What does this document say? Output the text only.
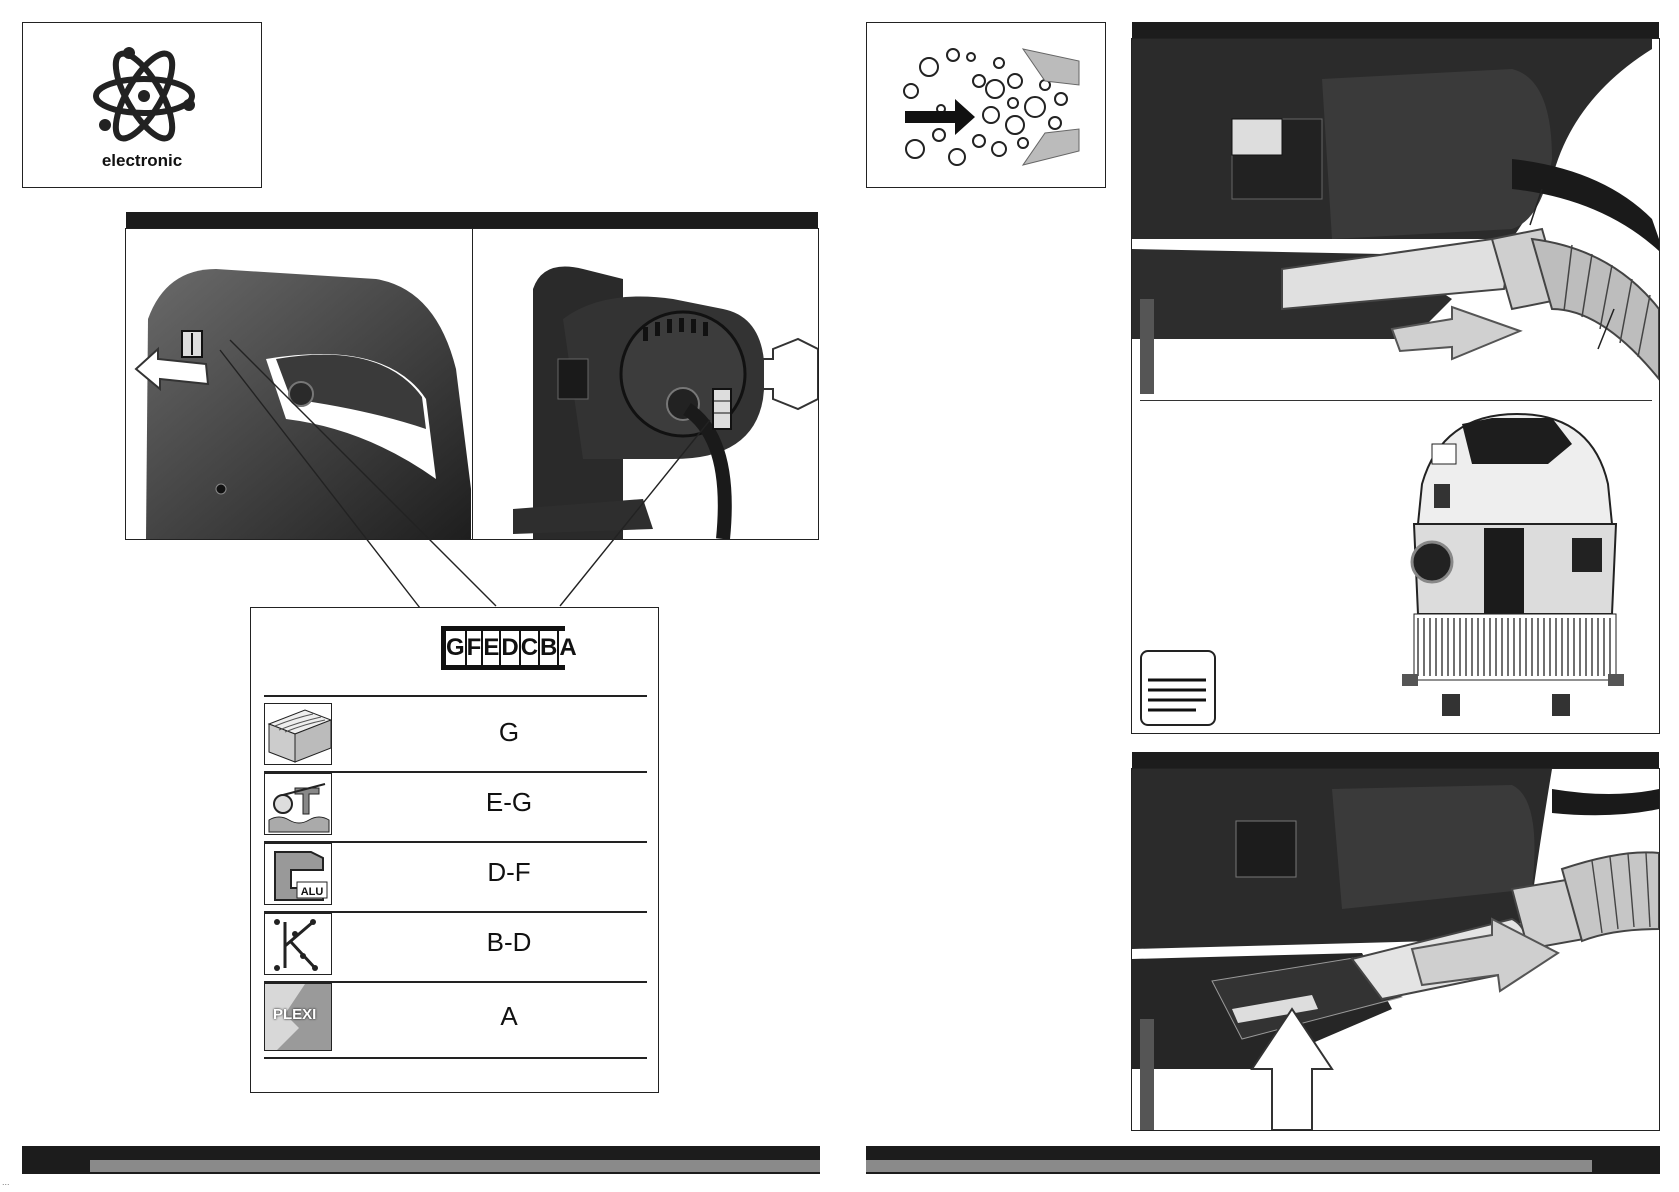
electronic
G F E D C B A
G
E-G
ALU
D-F
B-D
PLEXI	A
...
